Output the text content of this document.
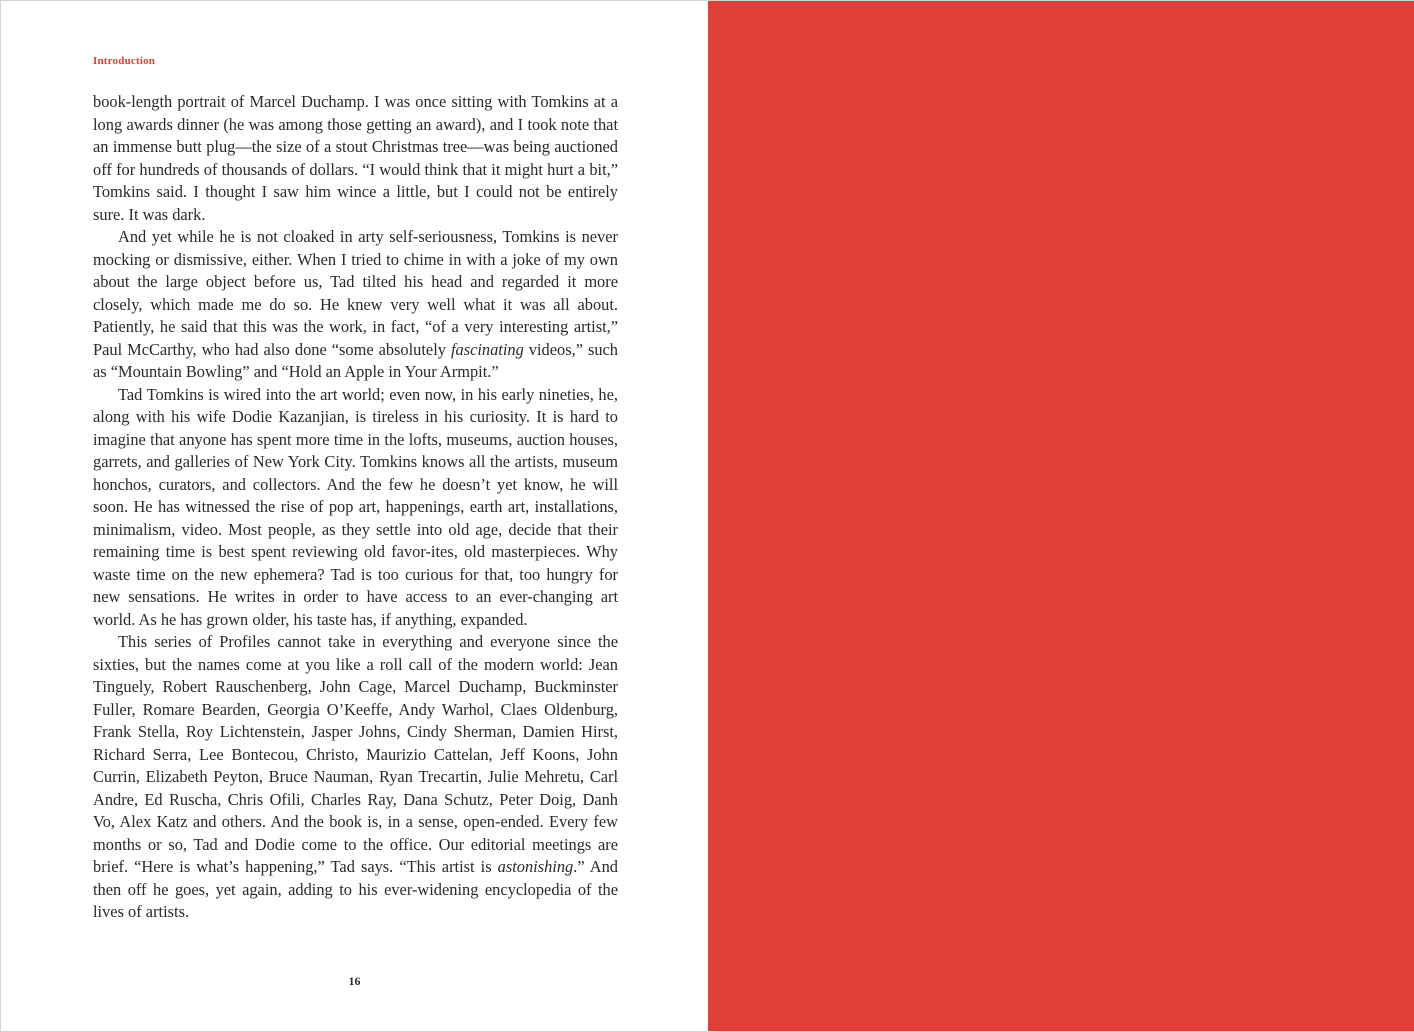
Introduction

book-length portrait of Marcel Duchamp. I was once sitting with Tomkins at a long awards dinner (he was among those getting an award), and I took note that an immense butt plug—the size of a stout Christmas tree—was being auctioned off for hundreds of thousands of dollars. “I would think that it might hurt a bit,” Tomkins said. I thought I saw him wince a little, but I could not be entirely sure. It was dark.

And yet while he is not cloaked in arty self-seriousness, Tomkins is never mocking or dismissive, either. When I tried to chime in with a joke of my own about the large object before us, Tad tilted his head and regarded it more closely, which made me do so. He knew very well what it was all about. Patiently, he said that this was the work, in fact, “of a very interesting artist,” Paul McCarthy, who had also done “some absolutely fascinating videos,” such as “Mountain Bowling” and “Hold an Apple in Your Armpit.”

Tad Tomkins is wired into the art world; even now, in his early nineties, he, along with his wife Dodie Kazanjian, is tireless in his curiosity. It is hard to imagine that anyone has spent more time in the lofts, museums, auction houses, garrets, and galleries of New York City. Tomkins knows all the artists, museum honchos, curators, and collectors. And the few he doesn’t yet know, he will soon. He has witnessed the rise of pop art, happenings, earth art, installations, minimalism, video. Most people, as they settle into old age, decide that their remaining time is best spent reviewing old favor-ites, old masterpieces. Why waste time on the new ephemera? Tad is too curious for that, too hungry for new sensations. He writes in order to have access to an ever-changing art world. As he has grown older, his taste has, if anything, expanded.

This series of Profiles cannot take in everything and everyone since the sixties, but the names come at you like a roll call of the modern world: Jean Tinguely, Robert Rauschenberg, John Cage, Marcel Duchamp, Buckminster Fuller, Romare Bearden, Georgia O’Keeffe, Andy Warhol, Claes Oldenburg, Frank Stella, Roy Lichtenstein, Jasper Johns, Cindy Sherman, Damien Hirst, Richard Serra, Lee Bontecou, Christo, Maurizio Cattelan, Jeff Koons, John Currin, Elizabeth Peyton, Bruce Nauman, Ryan Trecartin, Julie Mehretu, Carl Andre, Ed Ruscha, Chris Ofili, Charles Ray, Dana Schutz, Peter Doig, Danh Vo, Alex Katz and others. And the book is, in a sense, open-ended. Every few months or so, Tad and Dodie come to the office. Our editorial meetings are brief. “Here is what’s happening,” Tad says. “This artist is astonishing.” And then off he goes, yet again, adding to his ever-widening encyclopedia of the lives of artists.

16
